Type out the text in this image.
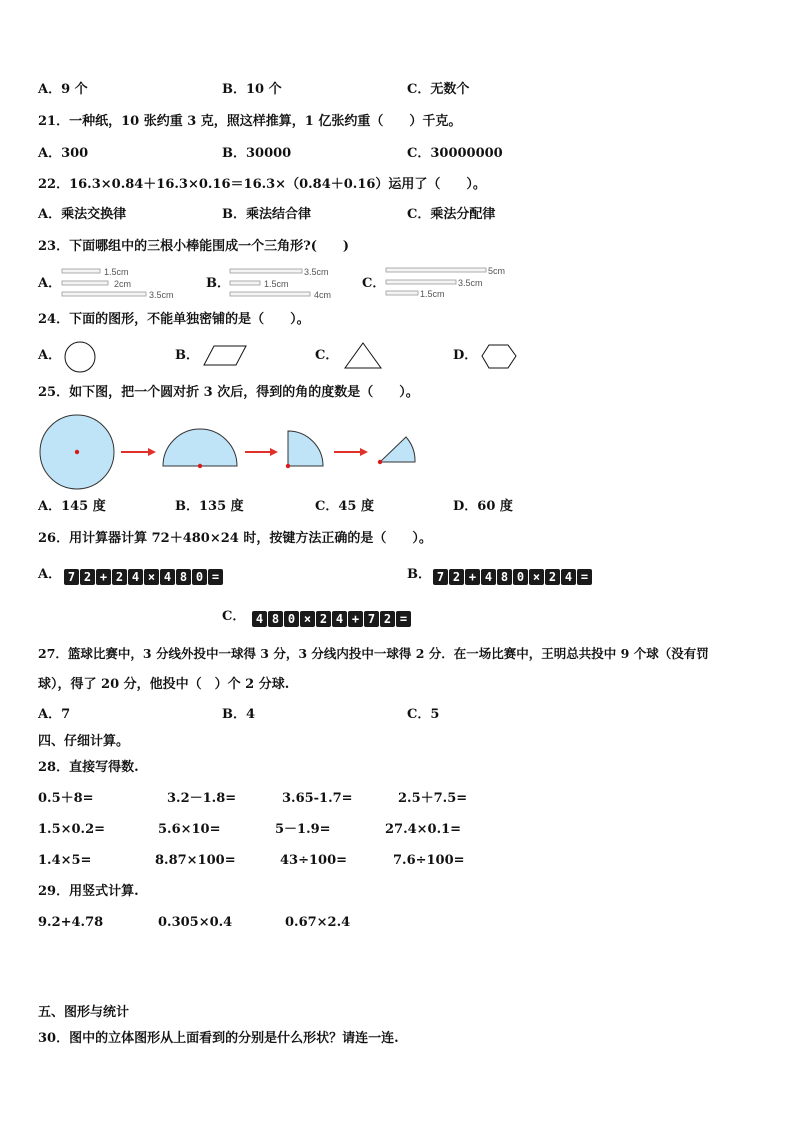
A．9 个	B．10 个	C．无数个
21．一种纸，10 张约重 3 克，照这样推算，1 亿张约重（　　）千克。
A．300	B．30000	C．30000000
22．16.3×0.84＋16.3×0.16＝16.3×（0.84＋0.16）运用了（　　）。
A．乘法交换律	B．乘法结合律	C．乘法分配律
23．下面哪组中的三根小棒能围成一个三角形?(　　)
A．
1.5cm
2cm
3.5cm
B．
3.5cm
1.5cm
4cm
C．
5cm
3.5cm
1.5cm
24．下面的图形，不能单独密铺的是（　　）。
A．	B．	C．	D．
25．如下图，把一个圆对折 3 次后，得到的角的度数是（　　）。
A．145 度	B．135 度	C．45 度	D．60 度
26．用计算器计算 72＋480×24 时，按键方法正确的是（　　）。
A． 7 2 + 2 4 × 4 8 0 =	B． 7 2 + 4 8 0 × 2 4 =
C． 4 8 0 × 2 4 + 7 2 =
27．篮球比赛中，3 分线外投中一球得 3 分，3 分线内投中一球得 2 分．在一场比赛中，王明总共投中 9 个球（没有罚
球），得了 20 分，他投中（　）个 2 分球.
A．7	B．4	C．5
四、仔细计算。
28．直接写得数.
0.5＋8=	3.2－1.8=	3.65-1.7=	2.5＋7.5=
1.5×0.2=	5.6×10=	5－1.9=	27.4×0.1=
1.4×5=	8.87×100=	43÷100=	7.6÷100=
29．用竖式计算.
9.2+4.78	0.305×0.4	0.67×2.4
五、图形与统计
30．图中的立体图形从上面看到的分别是什么形状？请连一连.
